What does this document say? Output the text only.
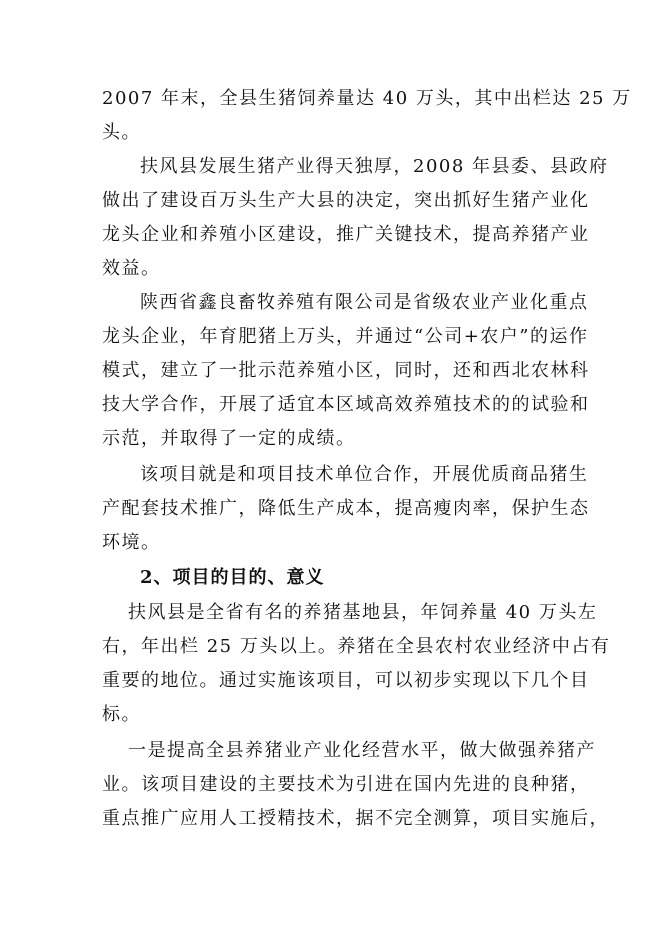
2007 年末，全县生猪饲养量达 40 万头，其中出栏达 25 万
头。
扶风县发展生猪产业得天独厚，2008 年县委、县政府
做出了建设百万头生产大县的决定，突出抓好生猪产业化
龙头企业和养殖小区建设，推广关键技术，提高养猪产业
效益。
陕西省鑫良畜牧养殖有限公司是省级农业产业化重点
龙头企业，年育肥猪上万头，并通过“公司+农户”的运作
模式，建立了一批示范养殖小区，同时，还和西北农林科
技大学合作，开展了适宜本区域高效养殖技术的的试验和
示范，并取得了一定的成绩。
该项目就是和项目技术单位合作，开展优质商品猪生
产配套技术推广，降低生产成本，提高瘦肉率，保护生态
环境。
2、项目的目的、意义
扶风县是全省有名的养猪基地县，年饲养量 40 万头左
右，年出栏 25 万头以上。养猪在全县农村农业经济中占有
重要的地位。通过实施该项目，可以初步实现以下几个目
标。
一是提高全县养猪业产业化经营水平，做大做强养猪产
业。该项目建设的主要技术为引进在国内先进的良种猪，
重点推广应用人工授精技术，据不完全测算，项目实施后，
